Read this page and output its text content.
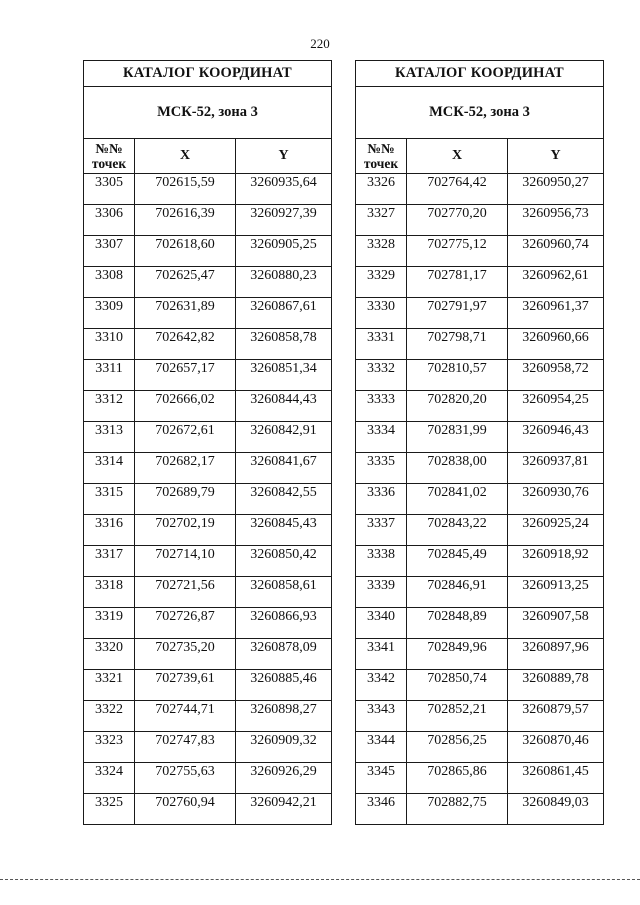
220
КАТАЛОГ КООРДИНАТ		
МСК-52, зона 3		

№№
точек	X	Y
3305	702615,59	3260935,64
3306	702616,39	3260927,39
3307	702618,60	3260905,25
3308	702625,47	3260880,23
3309	702631,89	3260867,61
3310	702642,82	3260858,78
3311	702657,17	3260851,34
3312	702666,02	3260844,43
3313	702672,61	3260842,91
3314	702682,17	3260841,67
3315	702689,79	3260842,55
3316	702702,19	3260845,43
3317	702714,10	3260850,42
3318	702721,56	3260858,61
3319	702726,87	3260866,93
3320	702735,20	3260878,09
3321	702739,61	3260885,46
3322	702744,71	3260898,27
3323	702747,83	3260909,32
3324	702755,63	3260926,29
3325	702760,94	3260942,21
КАТАЛОГ КООРДИНАТ		
МСК-52, зона 3		

№№
точек	X	Y
3326	702764,42	3260950,27
3327	702770,20	3260956,73
3328	702775,12	3260960,74
3329	702781,17	3260962,61
3330	702791,97	3260961,37
3331	702798,71	3260960,66
3332	702810,57	3260958,72
3333	702820,20	3260954,25
3334	702831,99	3260946,43
3335	702838,00	3260937,81
3336	702841,02	3260930,76
3337	702843,22	3260925,24
3338	702845,49	3260918,92
3339	702846,91	3260913,25
3340	702848,89	3260907,58
3341	702849,96	3260897,96
3342	702850,74	3260889,78
3343	702852,21	3260879,57
3344	702856,25	3260870,46
3345	702865,86	3260861,45
3346	702882,75	3260849,03
